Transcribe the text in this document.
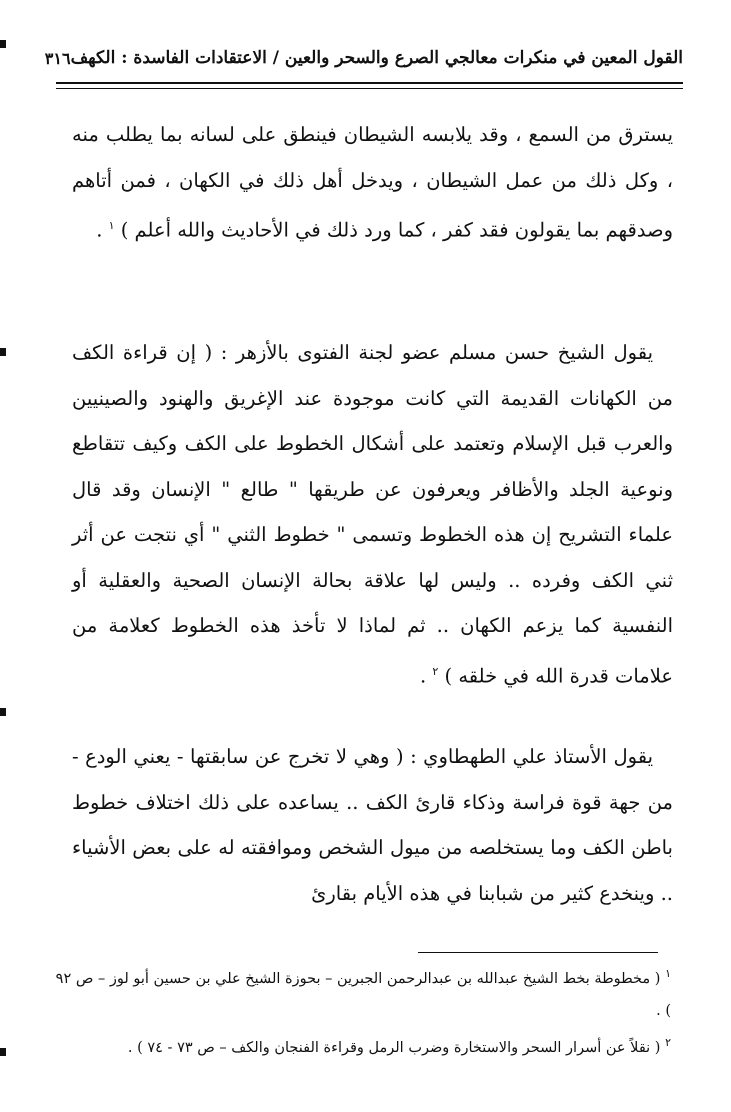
القول المعين في منكرات معالجي الصرع والسحر والعين / الاعتقادات الفاسدة : الكهف
٣١٦

يسترق من السمع ، وقد يلابسه الشيطان فينطق على لسانه بما يطلب منه ، وكل ذلك من عمل الشيطان ، ويدخل أهل ذلك في الكهان ، فمن أتاهم وصدقهم بما يقولون فقد كفر ، كما ورد ذلك في الأحاديث والله أعلم ) $^١$ .

يقول الشيخ حسن مسلم عضو لجنة الفتوى بالأزهر : ( إن قراءة الكف من الكهانات القديمة التي كانت موجودة عند الإغريق والهنود والصينيين والعرب قبل الإسلام وتعتمد على أشكال الخطوط على الكف وكيف تتقاطع ونوعية الجلد والأظافر ويعرفون عن طريقها " طالع " الإنسان وقد قال علماء التشريح إن هذه الخطوط وتسمى " خطوط الثني " أي نتجت عن أثر ثني الكف وفرده .. وليس لها علاقة بحالة الإنسان الصحية والعقلية أو النفسية كما يزعم الكهان .. ثم لماذا لا تأخذ هذه الخطوط كعلامة من علامات قدرة الله في خلقه ) $^٢$ .

يقول الأستاذ علي الطهطاوي : ( وهي لا تخرج عن سابقتها - يعني الودع - من جهة قوة فراسة وذكاء قارئ الكف .. يساعده على ذلك اختلاف خطوط باطن الكف وما يستخلصه من ميول الشخص وموافقته له على بعض الأشياء .. وينخدع كثير من شبابنا في هذه الأيام بقارئ

$^١$ ( مخطوطة بخط الشيخ عبدالله بن عبدالرحمن الجبرين – بحوزة الشيخ علي بن حسين أبو لوز – ص ٩٢ ) .

$^٢$ ( نقلاً عن أسرار السحر والاستخارة وضرب الرمل وقراءة الفنجان والكف – ص ٧٣ - ٧٤ ) .
